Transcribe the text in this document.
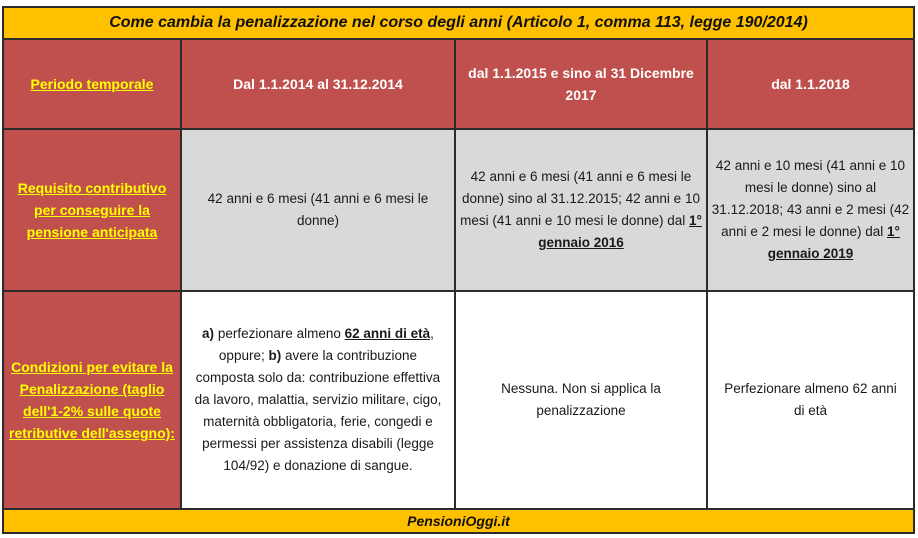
Come cambia la penalizzazione nel corso degli anni (Articolo 1, comma 113, legge 190/2014)
Periodo temporale	Dal 1.1.2014 al 31.12.2014
dal 1.1.2015 e sino al 31 Dicembre 2017
dal 1.1.2018
Requisito contributivo per conseguire la pensione anticipata
42 anni e 6 mesi (41 anni e 6 mesi le donne)
42 anni e 6 mesi (41 anni e 6 mesi le donne) sino al 31.12.2015; 42 anni e 10 mesi (41 anni e 10 mesi le donne) dal 1° gennaio 2016
42 anni e 10 mesi (41 anni e 10 mesi le donne) sino al 31.12.2018; 43 anni e 2 mesi (42 anni e 2 mesi le donne) dal 1° gennaio 2019
Condizioni per evitare la Penalizzazione (taglio dell'1-2% sulle quote retributive dell'assegno):
a) perfezionare almeno 62 anni di età, oppure; b) avere la contribuzione composta solo da: contribuzione effettiva da lavoro, malattia, servizio militare, cigo, maternità obbligatoria, ferie, congedi e permessi per assistenza disabili (legge 104/92) e donazione di sangue.
Nessuna. Non si applica la penalizzazione
Perfezionare almeno 62 anni di età
PensioniOggi.it
